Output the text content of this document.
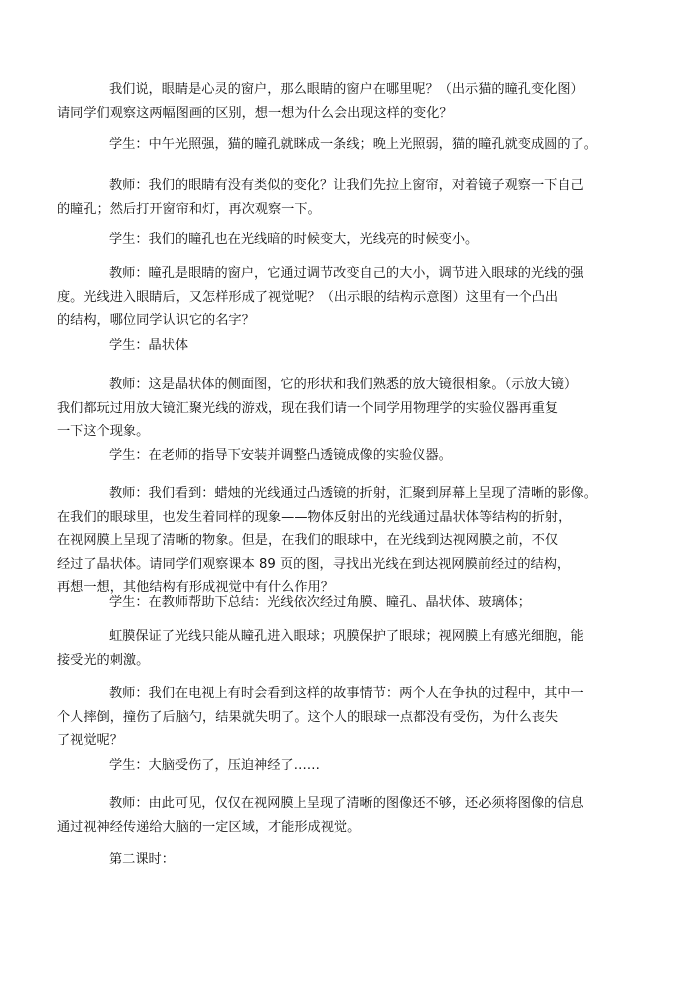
我们说，眼睛是心灵的窗户，那么眼睛的窗户在哪里呢？（出示猫的瞳孔变化图）
请同学们观察这两幅图画的区别，想一想为什么会出现这样的变化？

学生：中午光照强，猫的瞳孔就眯成一条线；晚上光照弱，猫的瞳孔就变成圆的了。

教师：我们的眼睛有没有类似的变化？让我们先拉上窗帘，对着镜子观察一下自己
的瞳孔；然后打开窗帘和灯，再次观察一下。

学生：我们的瞳孔也在光线暗的时候变大，光线亮的时候变小。

教师：瞳孔是眼睛的窗户，它通过调节改变自己的大小，调节进入眼球的光线的强
度。光线进入眼睛后，又怎样形成了视觉呢？（出示眼的结构示意图）这里有一个凸出
的结构，哪位同学认识它的名字？

学生：晶状体

教师：这是晶状体的侧面图，它的形状和我们熟悉的放大镜很相象。（示放大镜）
我们都玩过用放大镜汇聚光线的游戏，现在我们请一个同学用物理学的实验仪器再重复
一下这个现象。

学生：在老师的指导下安装并调整凸透镜成像的实验仪器。

教师：我们看到：蜡烛的光线通过凸透镜的折射，汇聚到屏幕上呈现了清晰的影像。
在我们的眼球里，也发生着同样的现象——物体反射出的光线通过晶状体等结构的折射，
在视网膜上呈现了清晰的物象。但是，在我们的眼球中，在光线到达视网膜之前，不仅
经过了晶状体。请同学们观察课本 89 页的图，寻找出光线在到达视网膜前经过的结构，
再想一想，其他结构有形成视觉中有什么作用？

学生：在教师帮助下总结：光线依次经过角膜、瞳孔、晶状体、玻璃体；

虹膜保证了光线只能从瞳孔进入眼球；巩膜保护了眼球；视网膜上有感光细胞，能
接受光的刺激。

教师：我们在电视上有时会看到这样的故事情节：两个人在争执的过程中，其中一
个人摔倒，撞伤了后脑勺，结果就失明了。这个人的眼球一点都没有受伤，为什么丧失
了视觉呢？

学生：大脑受伤了，压迫神经了……

教师：由此可见，仅仅在视网膜上呈现了清晰的图像还不够，还必须将图像的信息
通过视神经传递给大脑的一定区域，才能形成视觉。

第二课时：
